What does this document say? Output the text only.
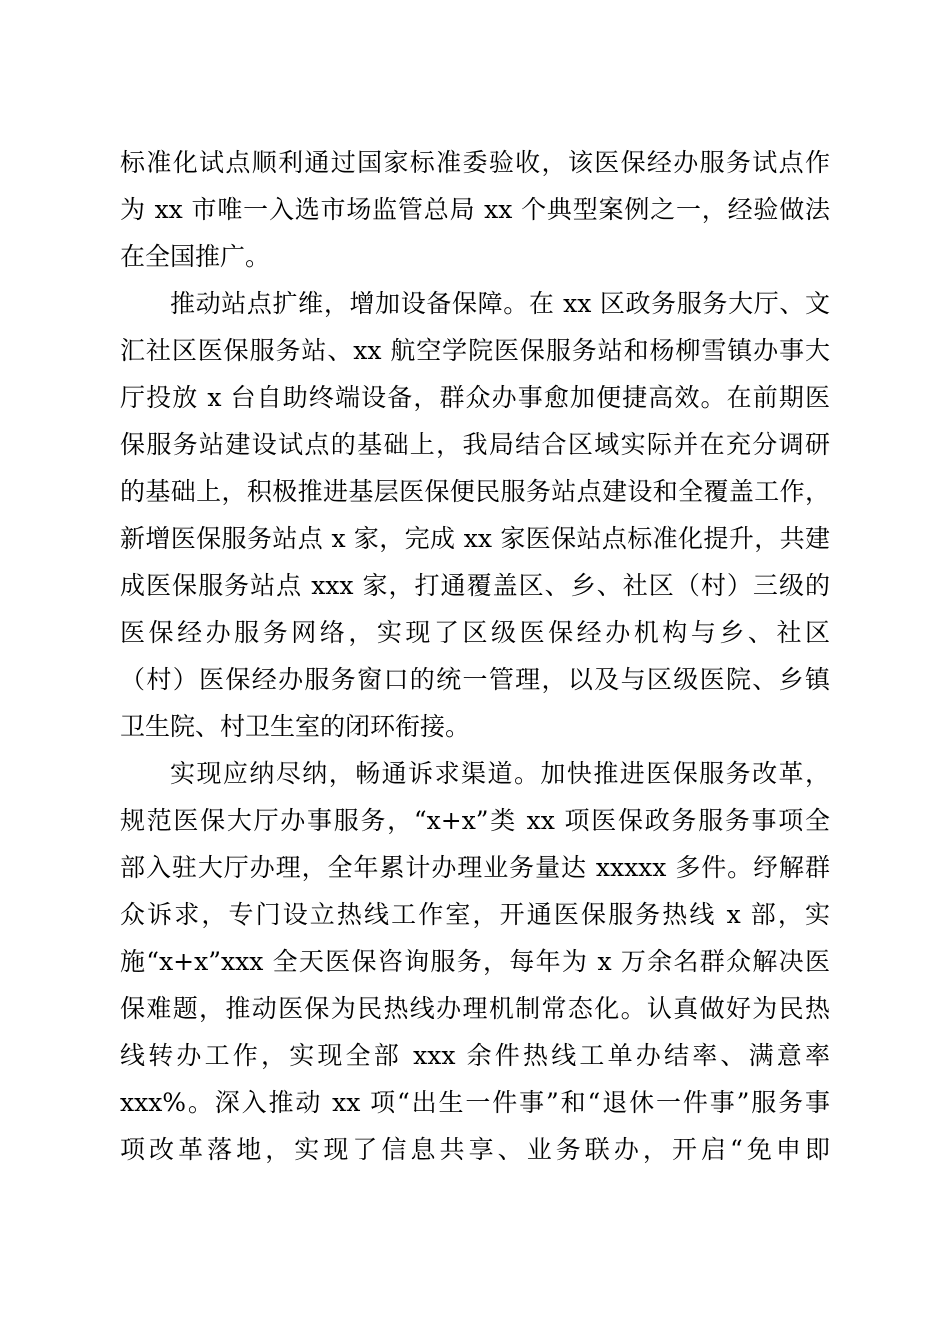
标准化试点顺利通过国家标准委验收，该医保经办服务试点作
为 xx 市唯一入选市场监管总局 xx 个典型案例之一，经验做法
在全国推广。
推动站点扩维，增加设备保障。在 xx 区政务服务大厅、文
汇社区医保服务站、xx 航空学院医保服务站和杨柳雪镇办事大
厅投放 x 台自助终端设备，群众办事愈加便捷高效。在前期医
保服务站建设试点的基础上，我局结合区域实际并在充分调研
的基础上，积极推进基层医保便民服务站点建设和全覆盖工作，
新增医保服务站点 x 家，完成 xx 家医保站点标准化提升，共建
成医保服务站点 xxx 家，打通覆盖区、乡、社区（村）三级的
医保经办服务网络，实现了区级医保经办机构与乡、社区
（村）医保经办服务窗口的统一管理，以及与区级医院、乡镇
卫生院、村卫生室的闭环衔接。
实现应纳尽纳，畅通诉求渠道。加快推进医保服务改革，
规范医保大厅办事服务，“x+x”类 xx 项医保政务服务事项全
部入驻大厅办理，全年累计办理业务量达 xxxxx 多件。纾解群
众诉求，专门设立热线工作室，开通医保服务热线 x 部，实
施“x+x”xxx 全天医保咨询服务，每年为 x 万余名群众解决医
保难题，推动医保为民热线办理机制常态化。认真做好为民热
线转办工作，实现全部 xxx 余件热线工单办结率、满意率
xxx%。深入推动 xx 项“出生一件事”和“退休一件事”服务事
项改革落地，实现了信息共享、业务联办，开启“免申即
